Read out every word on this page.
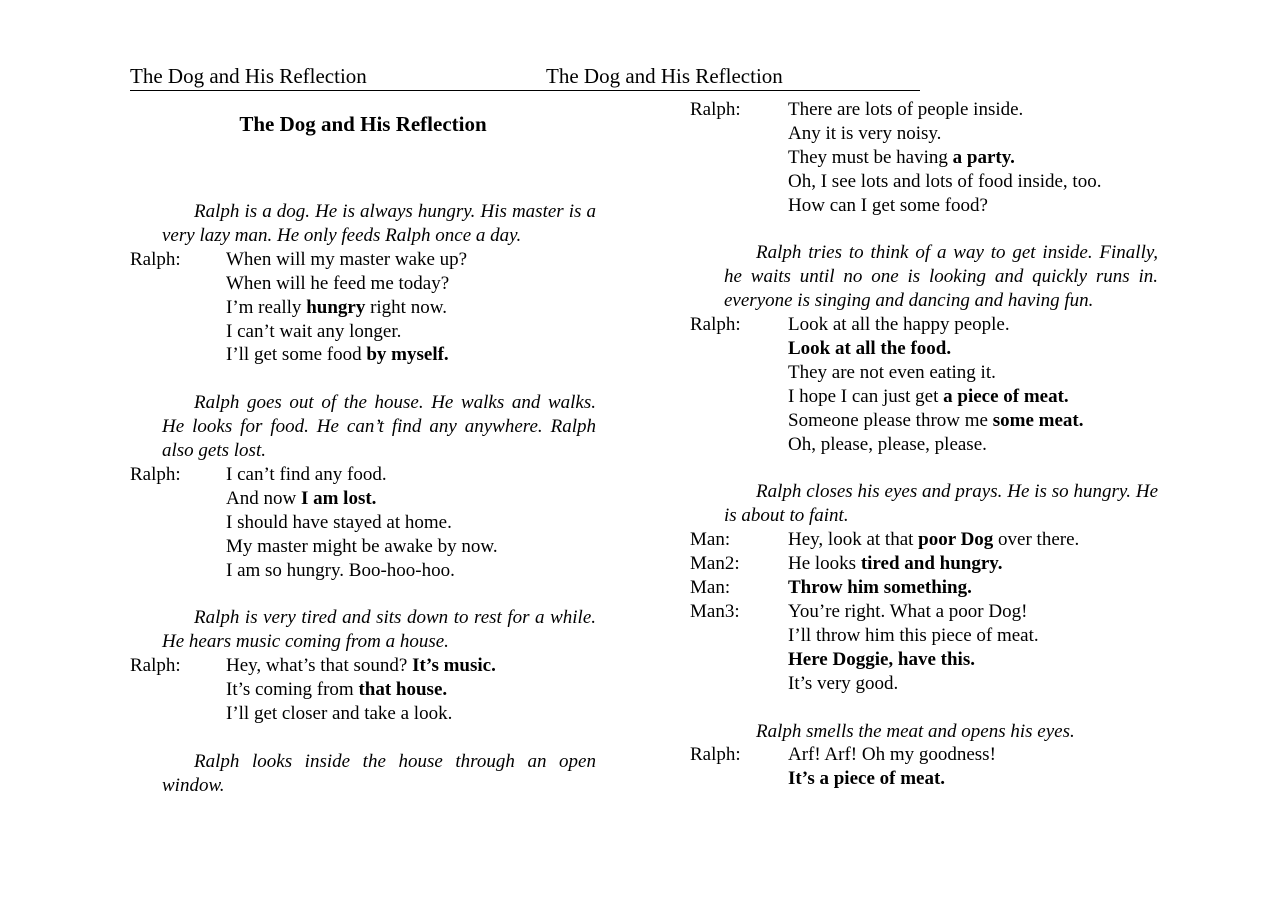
The Dog and His Reflection	The Dog and His Reflection
The Dog and His Reflection
Ralph is a dog. He is always hungry. His master is a very lazy man. He only feeds Ralph once a day.
Ralph:	When will my master wake up?
When will he feed me today?
I’m really hungry right now.
I can’t wait any longer.
I’ll get some food by myself.
Ralph goes out of the house. He walks and walks. He looks for food. He can’t find any anywhere. Ralph also gets lost.
Ralph:	I can’t find any food.
And now I am lost.
I should have stayed at home.
My master might be awake by now.
I am so hungry. Boo-hoo-hoo.
Ralph is very tired and sits down to rest for a while. He hears music coming from a house.
Ralph:	Hey, what’s that sound? It’s music.
It’s coming from that house.
I’ll get closer and take a look.
Ralph looks inside the house through an open window.
Ralph:	There are lots of people inside.
Any it is very noisy.
They must be having a party.
Oh, I see lots and lots of food inside, too.
How can I get some food?
Ralph tries to think of a way to get inside. Finally, he waits until no one is looking and quickly runs in. everyone is singing and dancing and having fun.
Ralph:	Look at all the happy people.
Look at all the food.
They are not even eating it.
I hope I can just get a piece of meat.
Someone please throw me some meat.
Oh, please, please, please.
Ralph closes his eyes and prays. He is so hungry. He is about to faint.
Man:	Hey, look at that poor Dog over there.
Man2:	He looks tired and hungry.
Man:	Throw him something.
Man3:	You’re right. What a poor Dog!
I’ll throw him this piece of meat.
Here Doggie, have this.
It’s very good.
Ralph smells the meat and opens his eyes.
Ralph:	Arf! Arf! Oh my goodness!
It’s a piece of meat.
